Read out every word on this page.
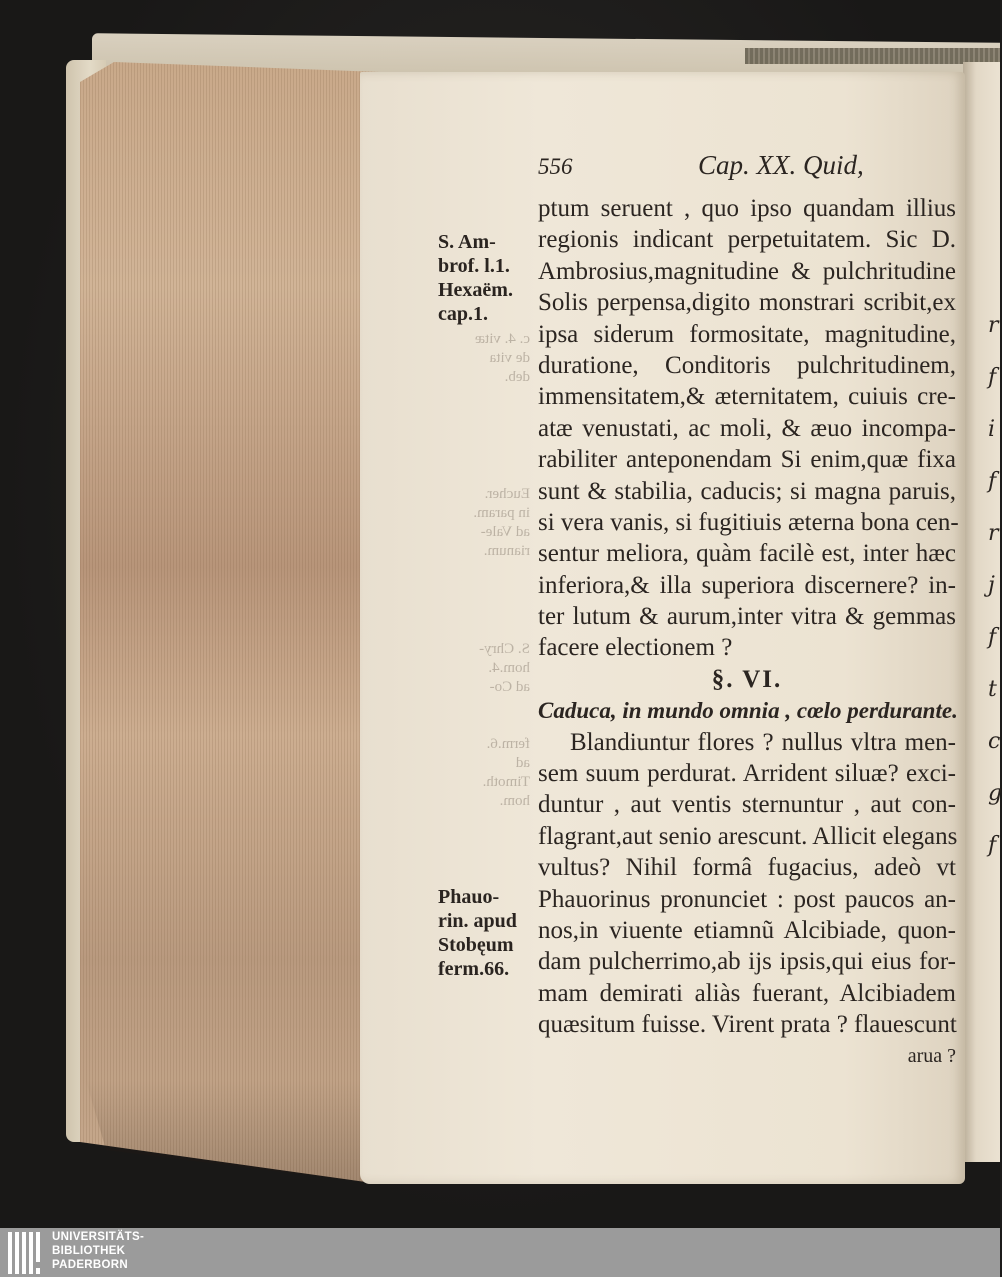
r
f
i
f
r
j
f
t
c
g
f
c. 4. vitæ
de vita
deb.
Eucher.
in param.
ad Vale-
rianum.
S. Chry-
hom.4.
ad Co-
ferm.6.
ad
Timoth.
hom.
556	Cap. XX. Quid,
S. Am-
brof. l.1.
Hexaëm.
cap.1.
Phauo-
rin. apud
Stobęum
ferm.66.
ptum seruent , quo ipso quandam illius
regionis indicant perpetuitatem. Sic D.
Ambrosius,magnitudine & pulchritudine
Solis perpensa,digito monstrari scribit,ex
ipsa siderum formositate, magnitudine,
duratione, Conditoris pulchritudinem,
immensitatem,& æternitatem, cuiuis cre-
atæ venustati, ac moli, & æuo incompa-
rabiliter anteponendam Si enim,quæ fixa
sunt & stabilia, caducis; si magna paruis,
si vera vanis, si fugitiuis æterna bona cen-
sentur meliora, quàm facilè est, inter hæc
inferiora,& illa superiora discernere? in-
ter lutum & aurum,inter vitra & gemmas
facere electionem ?
§. VI.
Caduca, in mundo omnia , cœlo perdurante.
Blandiuntur flores ? nullus vltra men-
sem suum perdurat. Arrident siluæ? exci-
duntur , aut ventis sternuntur , aut con-
flagrant,aut senio arescunt. Allicit elegans
vultus? Nihil formâ fugacius, adeò vt
Phauorinus pronunciet : post paucos an-
nos,in viuente etiamnũ Alcibiade, quon-
dam pulcherrimo,ab ijs ipsis,qui eius for-
mam demirati aliàs fuerant, Alcibiadem
quæsitum fuisse. Virent prata ? flauescunt
arua ?
UNIVERSITÄTS-
BIBLIOTHEK
PADERBORN
